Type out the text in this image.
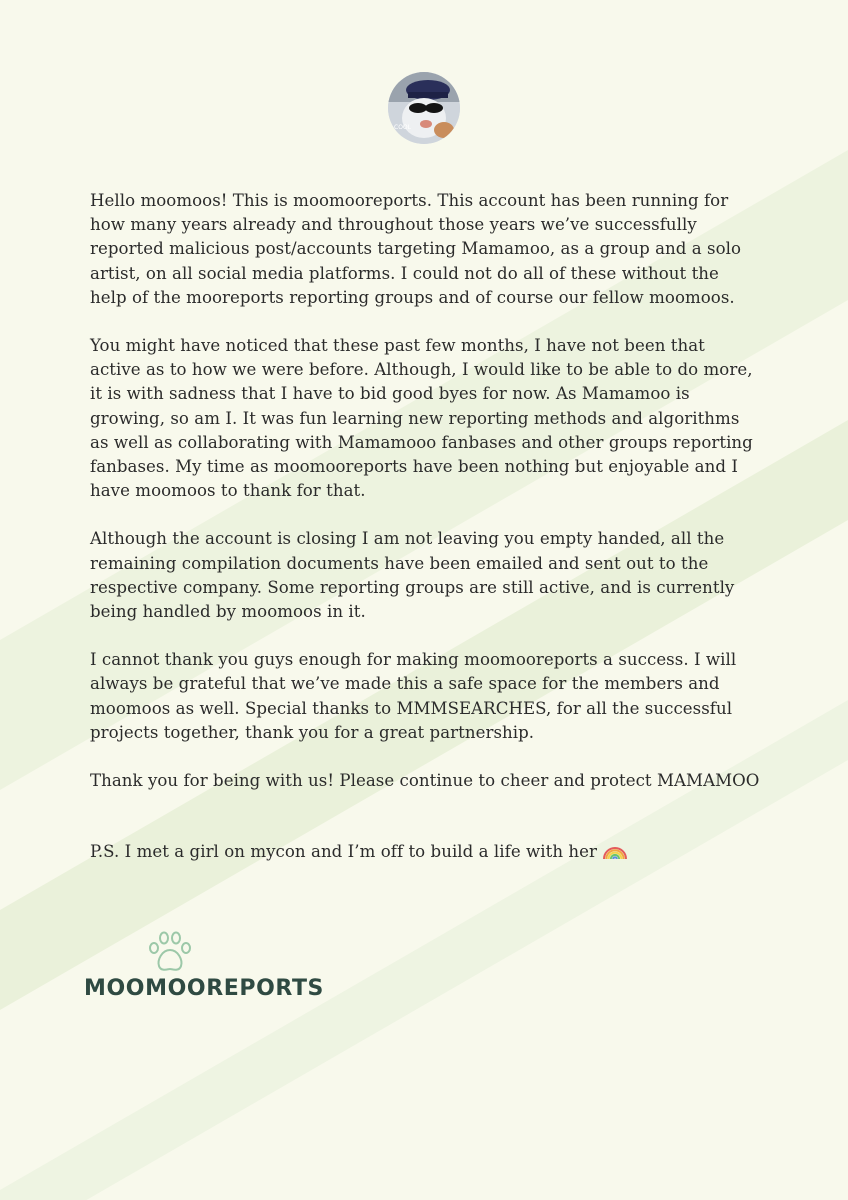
COOL

Hello moomoos! This is moomooreports. This account has been running for
how many years already and throughout those years we’ve successfully
reported malicious post/accounts targeting Mamamoo, as a group and a solo
artist, on all social media platforms. I could not do all of these without the
help of the mooreports reporting groups and of course our fellow moomoos.

You might have noticed that these past few months, I have not been that
active as to how we were before. Although, I would like to be able to do more,
it is with sadness that I have to bid good byes for now. As Mamamoo is
growing, so am I. It was fun learning new reporting methods and algorithms
as well as collaborating with Mamamooo fanbases and other groups reporting
fanbases. My time as moomooreports have been nothing but enjoyable and I
have moomoos to thank for that.

Although the account is closing I am not leaving you empty handed, all the
remaining compilation documents have been emailed and sent out to the
respective company. Some reporting groups are still active, and is currently
being handled by moomoos in it.

I cannot thank you guys enough for making moomooreports a success. I will
always be grateful that we’ve made this a safe space for the members and
moomoos as well. Special thanks to MMMSEARCHES, for all the successful
projects together, thank you for a great partnership.

Thank you for being with us! Please continue to cheer and protect MAMAMOO

P.S. I met a girl on mycon and I’m off to build a life with her

MOOMOOREPORTS
